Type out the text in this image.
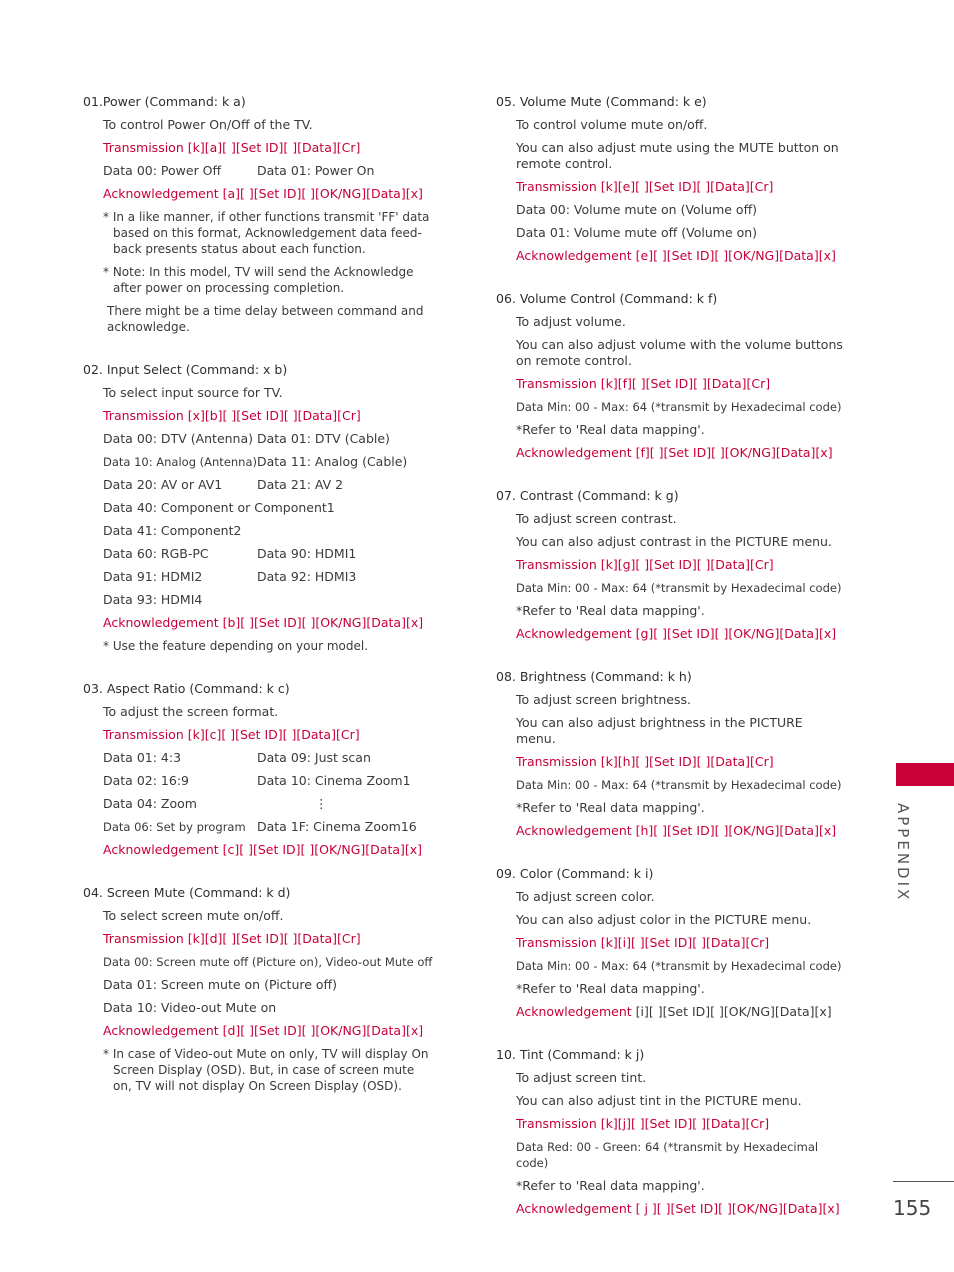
01.Power (Command: k a)
To control Power On/Off of the TV.
Transmission [k][a][ ][Set ID][ ][Data][Cr]
Data 00: Power Off	Data 01: Power On
Acknowledgement [a][ ][Set ID][ ][OK/NG][Data][x]
* In a like manner, if other functions transmit 'FF' data based on this format, Acknowledgement data feed-back presents status about each function.
* Note: In this model, TV will send the Acknowledge after power on processing completion.
There might be a time delay between command and acknowledge.
02. Input Select (Command: x b)
To select input source for TV.
Transmission [x][b][ ][Set ID][ ][Data][Cr]
Data 00: DTV (Antenna) Data 01: DTV (Cable)
Data 10: Analog (Antenna) Data 11: Analog (Cable)
Data 20: AV or AV1	Data 21: AV 2
Data 40: Component or Component1
Data 41: Component2
Data 60: RGB-PC	Data 90: HDMI1
Data 91: HDMI2	Data 92: HDMI3
Data 93: HDMI4
Acknowledgement [b][ ][Set ID][ ][OK/NG][Data][x]
* Use the feature depending on your model.
03. Aspect Ratio (Command: k c)
To adjust the screen format.
Transmission [k][c][ ][Set ID][ ][Data][Cr]
Data 01: 4:3	Data 09: Just scan
Data 02: 16:9	Data 10: Cinema Zoom1
Data 04: Zoom	⋮
Data 06: Set by program Data 1F: Cinema Zoom16
Acknowledgement [c][ ][Set ID][ ][OK/NG][Data][x]
04. Screen Mute (Command: k d)
To select screen mute on/off.
Transmission [k][d][ ][Set ID][ ][Data][Cr]
Data 00: Screen mute off (Picture on), Video-out Mute off
Data 01: Screen mute on (Picture off)
Data 10: Video-out Mute on
Acknowledgement [d][ ][Set ID][ ][OK/NG][Data][x]
* In case of Video-out Mute on only, TV will display On Screen Display (OSD). But, in case of screen mute on, TV will not display On Screen Display (OSD).
05. Volume Mute (Command: k e)
To control volume mute on/off.
You can also adjust mute using the MUTE button on remote control.
Transmission [k][e][ ][Set ID][ ][Data][Cr]
Data 00: Volume mute on (Volume off)
Data 01: Volume mute off (Volume on)
Acknowledgement [e][ ][Set ID][ ][OK/NG][Data][x]
06. Volume Control (Command: k f)
To adjust volume.
You can also adjust volume with the volume buttons on remote control.
Transmission [k][f][ ][Set ID][ ][Data][Cr]
Data Min: 00 - Max: 64 (*transmit by Hexadecimal code)
*Refer to 'Real data mapping'.
Acknowledgement [f][ ][Set ID][ ][OK/NG][Data][x]
07. Contrast (Command: k g)
To adjust screen contrast.
You can also adjust contrast in the PICTURE menu.
Transmission [k][g][ ][Set ID][ ][Data][Cr]
Data Min: 00 - Max: 64 (*transmit by Hexadecimal code)
*Refer to 'Real data mapping'.
Acknowledgement [g][ ][Set ID][ ][OK/NG][Data][x]
08. Brightness (Command: k h)
To adjust screen brightness.
You can also adjust brightness in the PICTURE menu.
Transmission [k][h][ ][Set ID][ ][Data][Cr]
Data Min: 00 - Max: 64 (*transmit by Hexadecimal code)
*Refer to 'Real data mapping'.
Acknowledgement [h][ ][Set ID][ ][OK/NG][Data][x]
09. Color (Command: k i)
To adjust screen color.
You can also adjust color in the PICTURE menu.
Transmission [k][i][ ][Set ID][ ][Data][Cr]
Data Min: 00 - Max: 64 (*transmit by Hexadecimal code)
*Refer to 'Real data mapping'.
Acknowledgement [i][ ][Set ID][ ][OK/NG][Data][x]
10. Tint (Command: k j)
To adjust screen tint.
You can also adjust tint in the PICTURE menu.
Transmission [k][j][ ][Set ID][ ][Data][Cr]
Data Red: 00 - Green: 64 (*transmit by Hexadecimal code)
*Refer to 'Real data mapping'.
Acknowledgement [ j ][ ][Set ID][ ][OK/NG][Data][x]
APPENDIX
155
